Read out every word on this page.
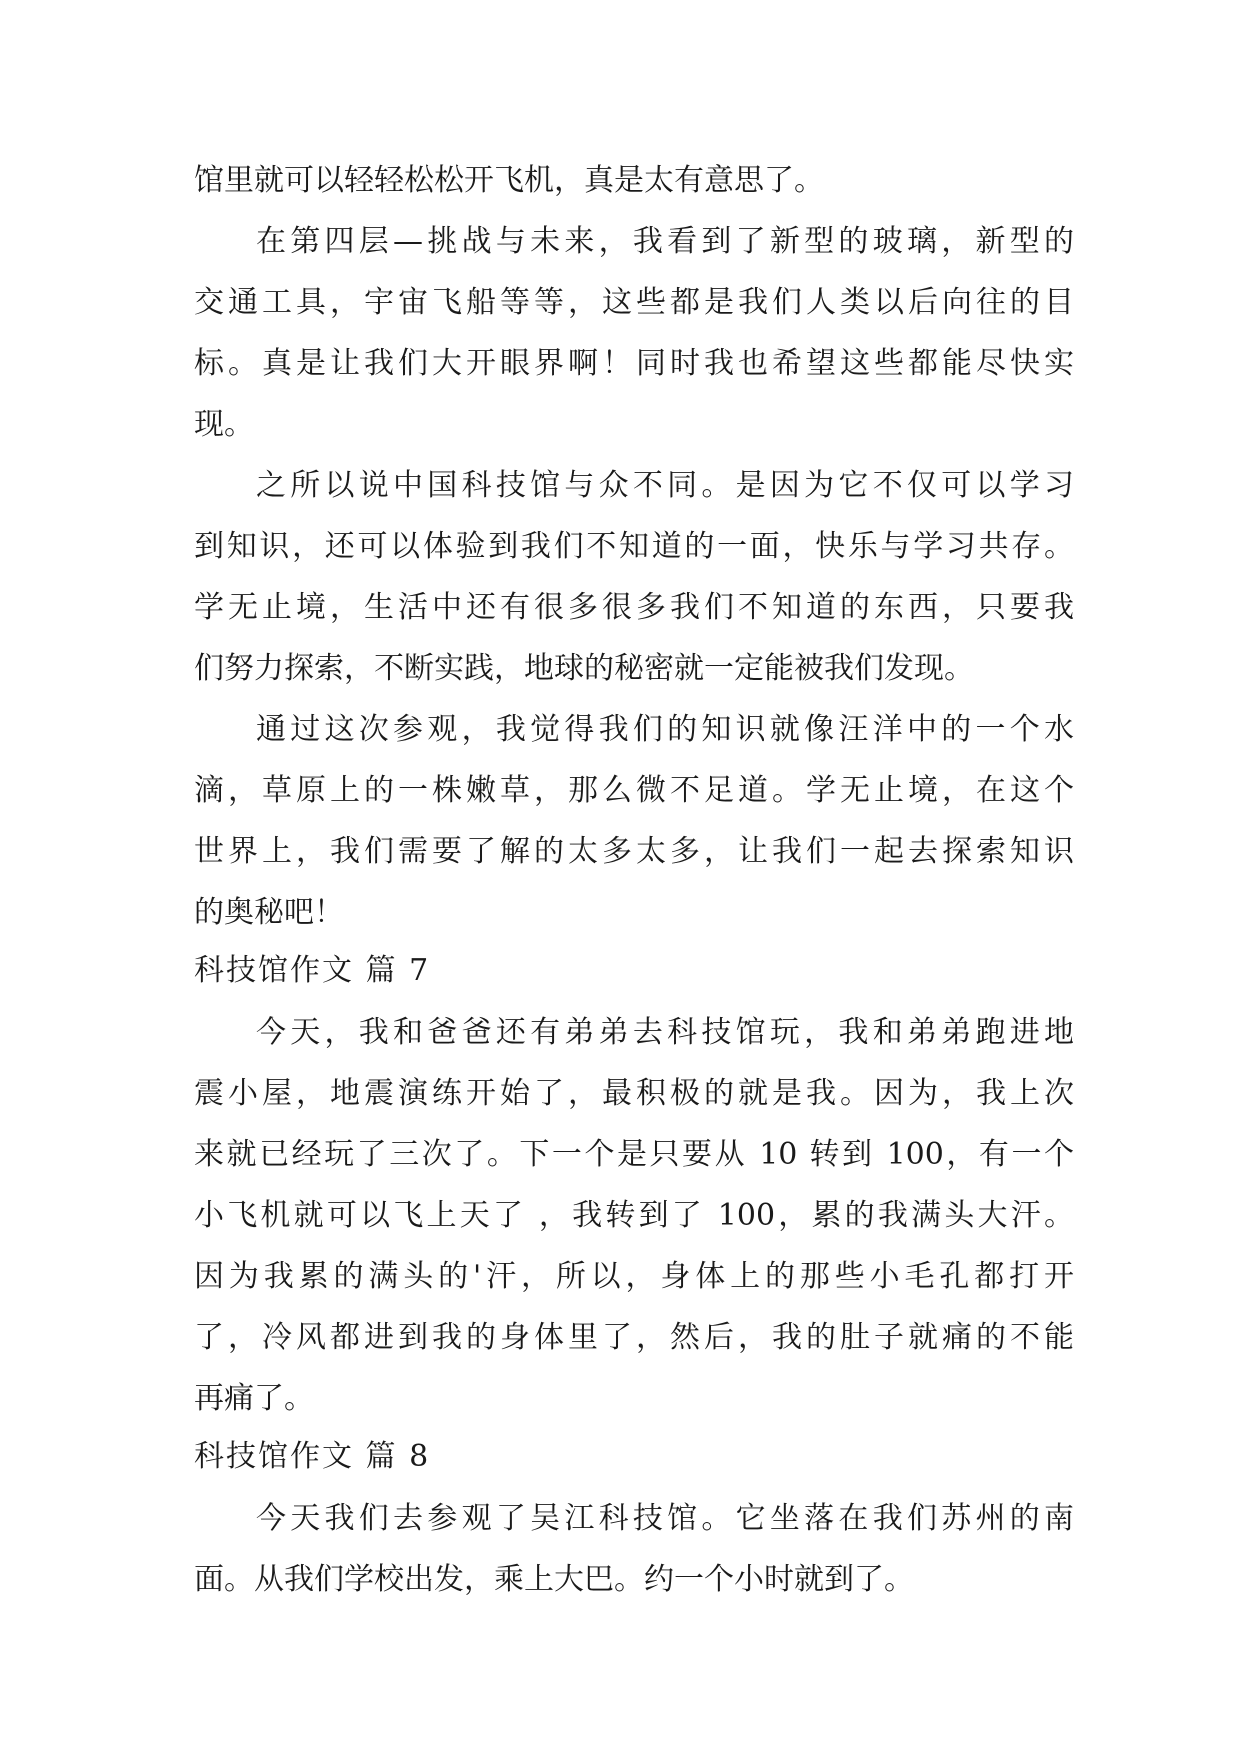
馆里就可以轻轻松松开飞机，真是太有意思了。
在第四层—挑战与未来，我看到了新型的玻璃，新型的
交通工具，宇宙飞船等等，这些都是我们人类以后向往的目
标。真是让我们大开眼界啊！同时我也希望这些都能尽快实
现。
之所以说中国科技馆与众不同。是因为它不仅可以学习
到知识，还可以体验到我们不知道的一面，快乐与学习共存。
学无止境，生活中还有很多很多我们不知道的东西，只要我
们努力探索，不断实践，地球的秘密就一定能被我们发现。
通过这次参观，我觉得我们的知识就像汪洋中的一个水
滴，草原上的一株嫩草，那么微不足道。学无止境，在这个
世界上，我们需要了解的太多太多，让我们一起去探索知识
的奥秘吧！
科技馆作文 篇 7
今天，我和爸爸还有弟弟去科技馆玩，我和弟弟跑进地
震小屋，地震演练开始了，最积极的就是我。因为，我上次
来就已经玩了三次了。下一个是只要从 10 转到 100，有一个
小飞机就可以飞上天了 ，我转到了 100，累的我满头大汗。
因为我累的满头的'汗，所以，身体上的那些小毛孔都打开
了，冷风都进到我的身体里了，然后，我的肚子就痛的不能
再痛了。
科技馆作文 篇 8
今天我们去参观了吴江科技馆。它坐落在我们苏州的南
面。从我们学校出发，乘上大巴。约一个小时就到了。
